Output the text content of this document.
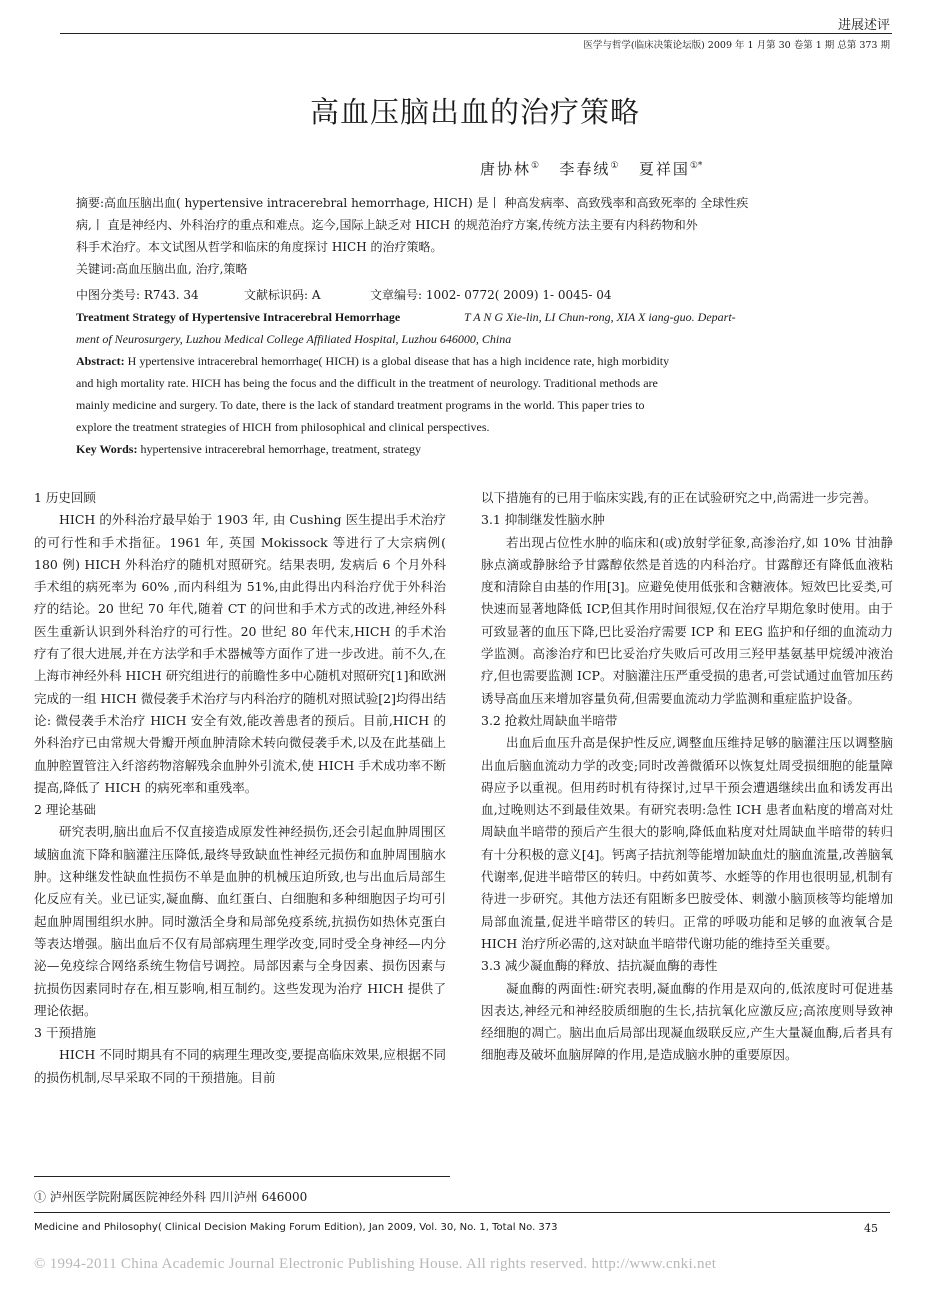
进展述评
医学与哲学(临床决策论坛版) 2009 年 1 月第 30 卷第 1 期 总第 373 期
高血压脑出血的治疗策略
唐协林① 李春绒① 夏祥国①*
摘要:高血压脑出血( hypertensive intracerebral hemorrhage, HICH) 是丨 种高发病率、高致残率和高致死率的 全球性疾
病,丨 直是神经内、外科治疗的重点和难点。迄今,国际上缺乏对 HICH 的规范治疗方案,传统方法主要有内科药物和外
科手术治疗。本文试图从哲学和临床的角度探讨 HICH 的治疗策略。
关键词:高血压脑出血, 治疗,策略
中图分类号: R743. 34	文献标识码: A	文章编号: 1002- 0772( 2009) 1- 0045- 04
Treatment Strategy of Hypertensive Intracerebral Hemorrhage	T A N G Xie-lin, LI Chun-rong, XIA X iang-guo. Depart-
ment of Neurosurgery, Luzhou Medical College Affiliated Hospital, Luzhou 646000, China
Abstract: H ypertensive intracerebral hemorrhage( HICH) is a global disease that has a high incidence rate, high morbidity
and high mortality rate. HICH has being the focus and the difficult in the treatment of neurology. Traditional methods are
mainly medicine and surgery. To date, there is the lack of standard treatment programs in the world. This paper tries to
explore the treatment strategies of HICH from philosophical and clinical perspectives.
Key Words: hypertensive intracerebral hemorrhage, treatment, strategy

1 历史回顾

HICH 的外科治疗最早始于 1903 年, 由 Cushing 医生提出手术治疗的可行性和手术指征。1961 年, 英国 Mokissock 等进行了大宗病例( 180 例) HICH 外科治疗的随机对照研究。结果表明, 发病后 6 个月外科手术组的病死率为 60% ,而内科组为 51%,由此得出内科治疗优于外科治疗的结论。20 世纪 70 年代,随着 CT 的问世和手术方式的改进,神经外科医生重新认识到外科治疗的可行性。20 世纪 80 年代末,HICH 的手术治疗有了很大进展,并在方法学和手术器械等方面作了进一步改进。前不久,在上海市神经外科 HICH 研究组进行的前瞻性多中心随机对照研究[1]和欧洲完成的一组 HICH 微侵袭手术治疗与内科治疗的随机对照试验[2]均得出结论: 微侵袭手术治疗 HICH 安全有效,能改善患者的预后。目前,HICH 的外科治疗已由常规大骨瓣开颅血肿清除术转向微侵袭手术,以及在此基础上血肿腔置管注入纤溶药物溶解残余血肿外引流术,使 HICH 手术成功率不断提高,降低了 HICH 的病死率和重残率。

2 理论基础

研究表明,脑出血后不仅直接造成原发性神经损伤,还会引起血肿周围区域脑血流下降和脑灌注压降低,最终导致缺血性神经元损伤和血肿周围脑水肿。这种继发性缺血性损伤不单是血肿的机械压迫所致,也与出血后局部生化反应有关。业已证实,凝血酶、血红蛋白、白细胞和多种细胞因子均可引起血肿周围组织水肿。同时激活全身和局部免疫系统,抗损伤如热休克蛋白等表达增强。脑出血后不仅有局部病理生理学改变,同时受全身神经—内分泌—免疫综合网络系统生物信号调控。局部因素与全身因素、损伤因素与抗损伤因素同时存在,相互影响,相互制约。这些发现为治疗 HICH 提供了理论依据。

3 干预措施

HICH 不同时期具有不同的病理生理改变,要提高临床效果,应根据不同的损伤机制,尽早采取不同的干预措施。目前

以下措施有的已用于临床实践,有的正在试验研究之中,尚需进一步完善。

3.1 抑制继发性脑水肿

若出现占位性水肿的临床和(或)放射学征象,高渗治疗,如 10% 甘油静脉点滴或静脉给予甘露醇依然是首选的内科治疗。甘露醇还有降低血液粘度和清除自由基的作用[3]。应避免使用低张和含糖液体。短效巴比妥类,可快速而显著地降低 ICP,但其作用时间很短,仅在治疗早期危象时使用。由于可致显著的血压下降,巴比妥治疗需要 ICP 和 EEG 监护和仔细的血流动力学监测。高渗治疗和巴比妥治疗失败后可改用三羟甲基氨基甲烷缓冲液治疗,但也需要监测 ICP。对脑灌注压严重受损的患者,可尝试通过血管加压药诱导高血压来增加容量负荷,但需要血流动力学监测和重症监护设备。

3.2 抢救灶周缺血半暗带

出血后血压升高是保护性反应,调整血压维持足够的脑灌注压以调整脑出血后脑血流动力学的改变;同时改善微循环以恢复灶周受损细胞的能量障碍应予以重视。但用药时机有待探讨,过早干预会遭遇继续出血和诱发再出血,过晚则达不到最佳效果。有研究表明:急性 ICH 患者血粘度的增高对灶周缺血半暗带的预后产生很大的影响,降低血粘度对灶周缺血半暗带的转归有十分积极的意义[4]。钙离子拮抗剂等能增加缺血灶的脑血流量,改善脑氧代谢率,促进半暗带区的转归。中药如黄芩、水蛭等的作用也很明显,机制有待进一步研究。其他方法还有阻断多巴胺受体、刺激小脑顶核等均能增加局部血流量,促进半暗带区的转归。正常的呼吸功能和足够的血液氧合是 HICH 治疗所必需的,这对缺血半暗带代谢功能的维持至关重要。

3.3 减少凝血酶的释放、拮抗凝血酶的毒性

凝血酶的两面性:研究表明,凝血酶的作用是双向的,低浓度时可促进基因表达,神经元和神经胶质细胞的生长,拮抗氧化应激反应;高浓度则导致神经细胞的凋亡。脑出血后局部出现凝血级联反应,产生大量凝血酶,后者具有细胞毒及破坏血脑屏障的作用,是造成脑水肿的重要原因。

① 泸州医学院附属医院神经外科 四川泸州 646000
Medicine and Philosophy( Clinical Decision Making Forum Edition), Jan 2009, Vol. 30, No. 1, Total No. 373	45
© 1994-2011 China Academic Journal Electronic Publishing House. All rights reserved. http://www.cnki.net
